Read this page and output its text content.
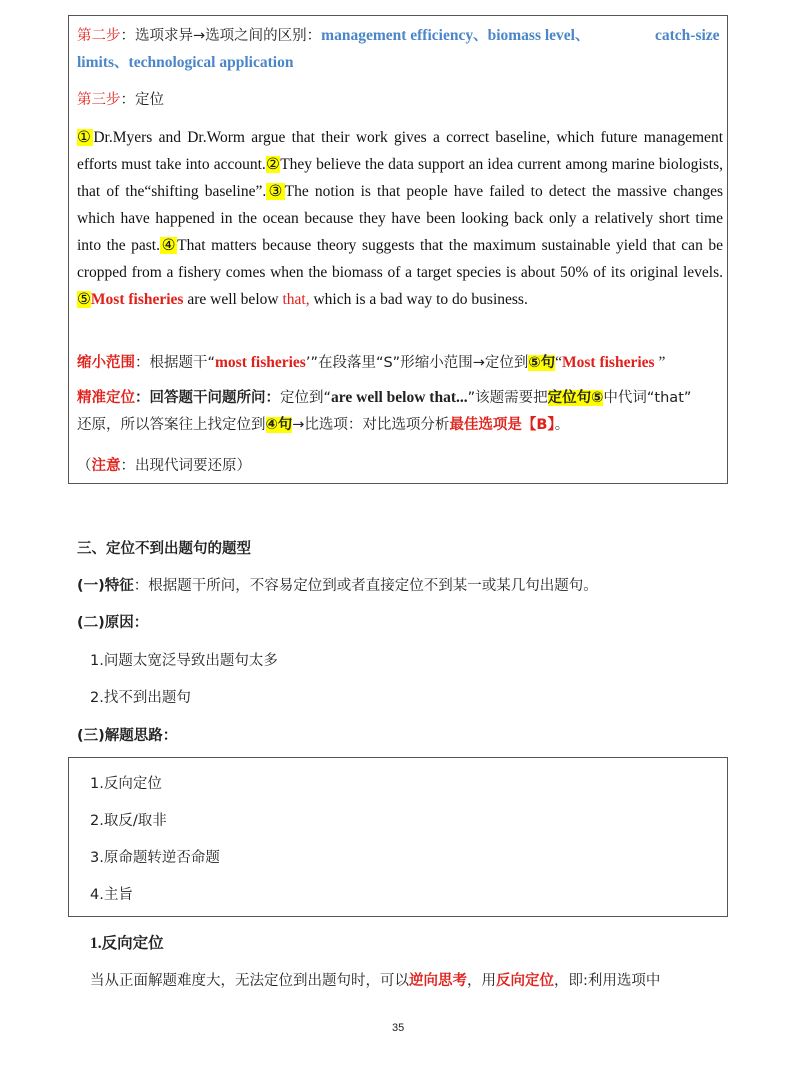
第二步：选项求异→选项之间的区别：management efficiency、biomass level、	catch-size
limits、technological application
第三步：定位
①Dr.Myers and Dr.Worm argue that their work gives a correct baseline, which future management efforts must take into account.②They believe the data support an idea current among marine biologists, that of the“shifting baseline”.③The notion is that people have failed to detect the massive changes which have happened in the ocean because they have been looking back only a relatively short time into the past.④That matters because theory suggests that the maximum sustainable yield that can be cropped from a fishery comes when the biomass of a target species is about 50% of its original levels. ⑤Most fisheries are well below that, which is a bad way to do business.
缩小范围：根据题干“most fisheries’”在段落里“S”形缩小范围→定位到⑤句“Most fisheries ”
精准定位：回答题干问题所问：定位到“are well below that...”该题需要把定位句⑤中代词“that”
还原，所以答案往上找定位到④句→比选项：对比选项分析最佳选项是【B】。
（注意：出现代词要还原）
三、定位不到出题句的题型
(一)特征：根据题干所问，不容易定位到或者直接定位不到某一或某几句出题句。
(二)原因：
1.问题太宽泛导致出题句太多
2.找不到出题句
(三)解题思路：
1.反向定位
2.取反/取非
3.原命题转逆否命题
4.主旨
1.反向定位
当从正面解题难度大，无法定位到出题句时，可以逆向思考，用反向定位，即:利用选项中
35
